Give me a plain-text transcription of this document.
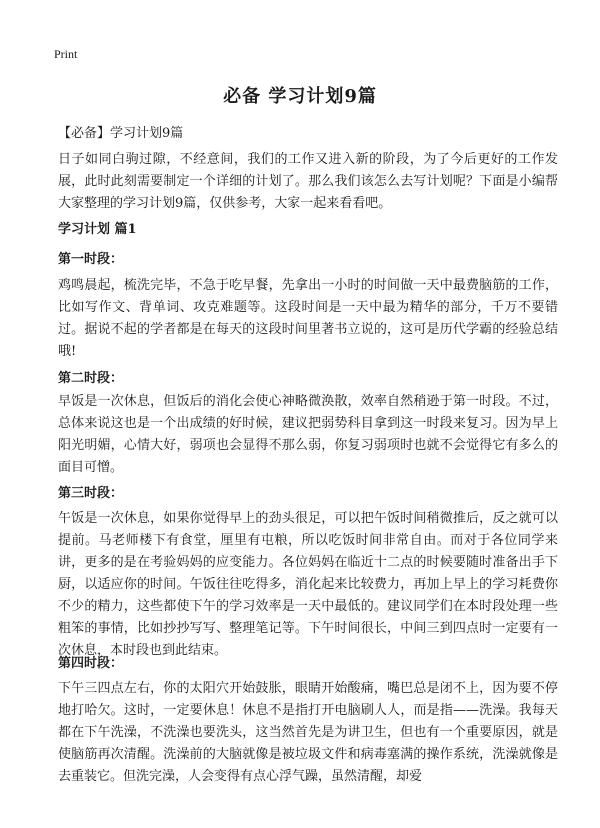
Print
必备 学习计划9篇
【必备】学习计划9篇
日子如同白驹过隙，不经意间，我们的工作又进入新的阶段，为了今后更好的工作发展，此时此刻需要制定一个详细的计划了。那么我们该怎么去写计划呢？下面是小编帮大家整理的学习计划9篇，仅供参考，大家一起来看看吧。
学习计划 篇1
第一时段：
鸡鸣晨起，梳洗完毕，不急于吃早餐，先拿出一小时的时间做一天中最费脑筋的工作，比如写作文、背单词、攻克难题等。这段时间是一天中最为精华的部分，千万不要错过。据说不起的学者都是在每天的这段时间里著书立说的，这可是历代学霸的经验总结哦!
第二时段：
早饭是一次休息，但饭后的消化会使心神略微涣散，效率自然稍逊于第一时段。不过，总体来说这也是一个出成绩的好时候，建议把弱势科目拿到这一时段来复习。因为早上阳光明媚，心情大好，弱项也会显得不那么弱，你复习弱项时也就不会觉得它有多么的面目可憎。
第三时段：
午饭是一次休息，如果你觉得早上的劲头很足，可以把午饭时间稍微推后，反之就可以提前。马老师楼下有食堂，厘里有屯粮，所以吃饭时间非常自由。而对于各位同学来讲，更多的是在考验妈妈的应变能力。各位妈妈在临近十二点的时候要随时准备出手下厨，以适应你的时间。午饭往往吃得多，消化起来比较费力，再加上早上的学习耗费你不少的精力，这些都使下午的学习效率是一天中最低的。建议同学们在本时段处理一些粗笨的事情，比如抄抄写写、整理笔记等。下午时间很长，中间三到四点时一定要有一次休息，本时段也到此结束。
第四时段：
下午三四点左右，你的太阳穴开始鼓胀，眼睛开始酸痛，嘴巴总是闭不上，因为要不停地打哈欠。这时，一定要休息！休息不是指打开电脑刷人人，而是指——洗澡。我每天都在下午洗澡，不洗澡也要洗头，这当然首先是为讲卫生，但也有一个重要原因，就是使脑筋再次清醒。洗澡前的大脑就像是被垃圾文件和病毒塞满的操作系统，洗澡就像是去重装它。但洗完澡，人会变得有点心浮气躁，虽然清醒，却爱
